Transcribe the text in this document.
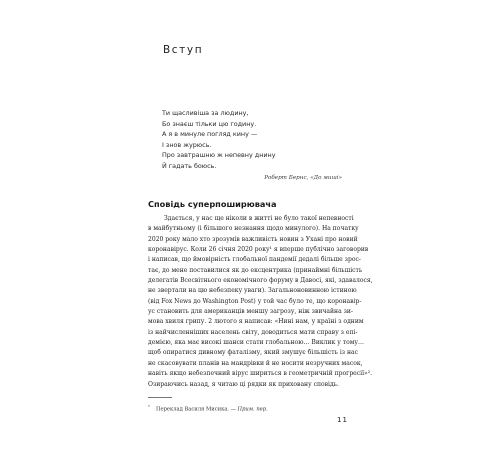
Вступ
Ти щасливіша за людину,
Бо знаєш тільки цю годину.
А я в минуле погляд кину —
І знов журюсь.
Про завтрашню ж непевну днину
Й гадать боюсь.
Роберт Бернс, «До миші»
Сповідь суперпоширювача
Здається, у нас ще ніколи в житті не було такої непевності
в майбутньому (і більшого незнання щодо минулого). На початку
2020 року мало хто зрозумів важливість новин з Ухані про новий
коронавірус. Коли 26 січня 2020 року¹ я вперше публічно заговорив
і написав, що ймовірність глобальної пандемії дедалі більше зрос-
тає, до мене поставилися як до ексцентрика (принаймні більшість
делегатів Всесвітнього економічного форуму в Давосі, які, здавалося,
не звертали на цю небезпеку уваги). Загальноновинною істиною
(від Fox News до Washington Post) у той час було те, що коронавір-
ус становить для американців меншу загрозу, ніж звичайна зи-
мова хвиля грипу. 2 лютого я написав: «Нині нам, у країні з одним
із найчисленніших населень світу, доводиться мати справу з епі-
демією, яка має високі шанси стати глобальною… Виклик у тому…
щоб опиратися дивному фаталізму, який змушує більшість із нас
не скасовувати планів на мандрівки й не носити незручних масок,
навіть якщо небезпечний вірус шириться в геометричній прогресії»².
Озираючись назад, я читаю ці рядки як приховану сповідь.
*Переклад Василя Мисика. — Прим. пер.
11
